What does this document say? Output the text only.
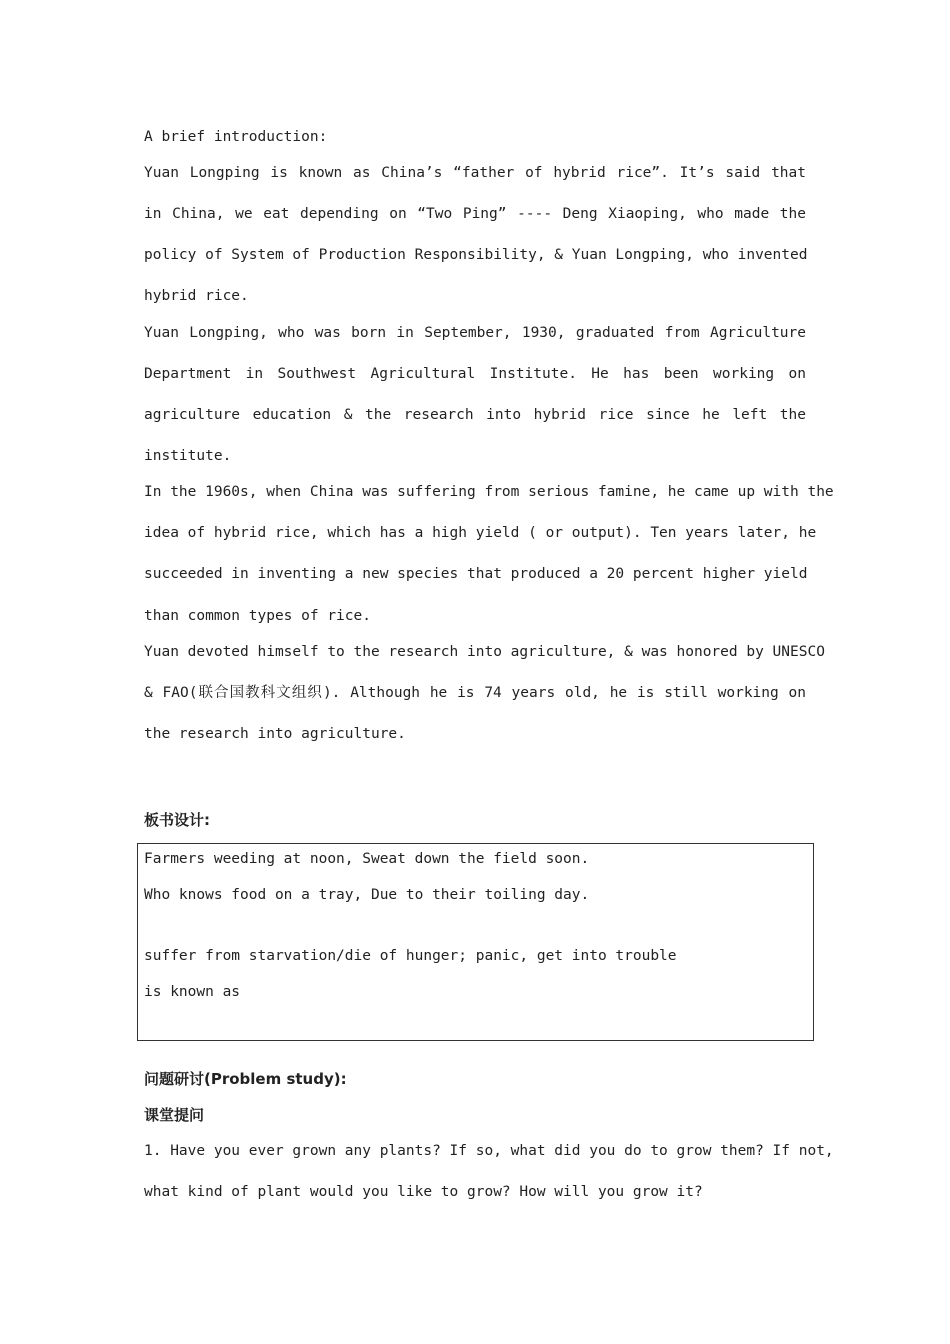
A brief introduction:
Yuan Longping is known as China’s “father of hybrid rice”. It’s said that
in China, we eat depending on “Two Ping” ---- Deng Xiaoping, who made the
policy of System of Production Responsibility, & Yuan Longping, who invented
hybrid rice.
Yuan Longping, who was born in September, 1930, graduated from Agriculture
Department in Southwest Agricultural Institute. He has been working on
agriculture education & the research into hybrid rice since he left the
institute.
In the 1960s, when China was suffering from serious famine, he came up with the
idea of hybrid rice, which has a high yield ( or output). Ten years later, he
succeeded in inventing a new species that produced a 20 percent higher yield
than common types of rice.
Yuan devoted himself to the research into agriculture, & was honored by UNESCO
& FAO(联合国教科文组织). Although he is 74 years old, he is still working on
the research into agriculture.
板书设计:
Farmers weeding at noon, Sweat down the field soon.
Who knows food on a tray, Due to their toiling day.
suffer from starvation/die of hunger; panic, get into trouble
is known as
问题研讨(Problem study):
课堂提问
1. Have you ever grown any plants? If so, what did you do to grow them? If not,
what kind of plant would you like to grow? How will you grow it?
